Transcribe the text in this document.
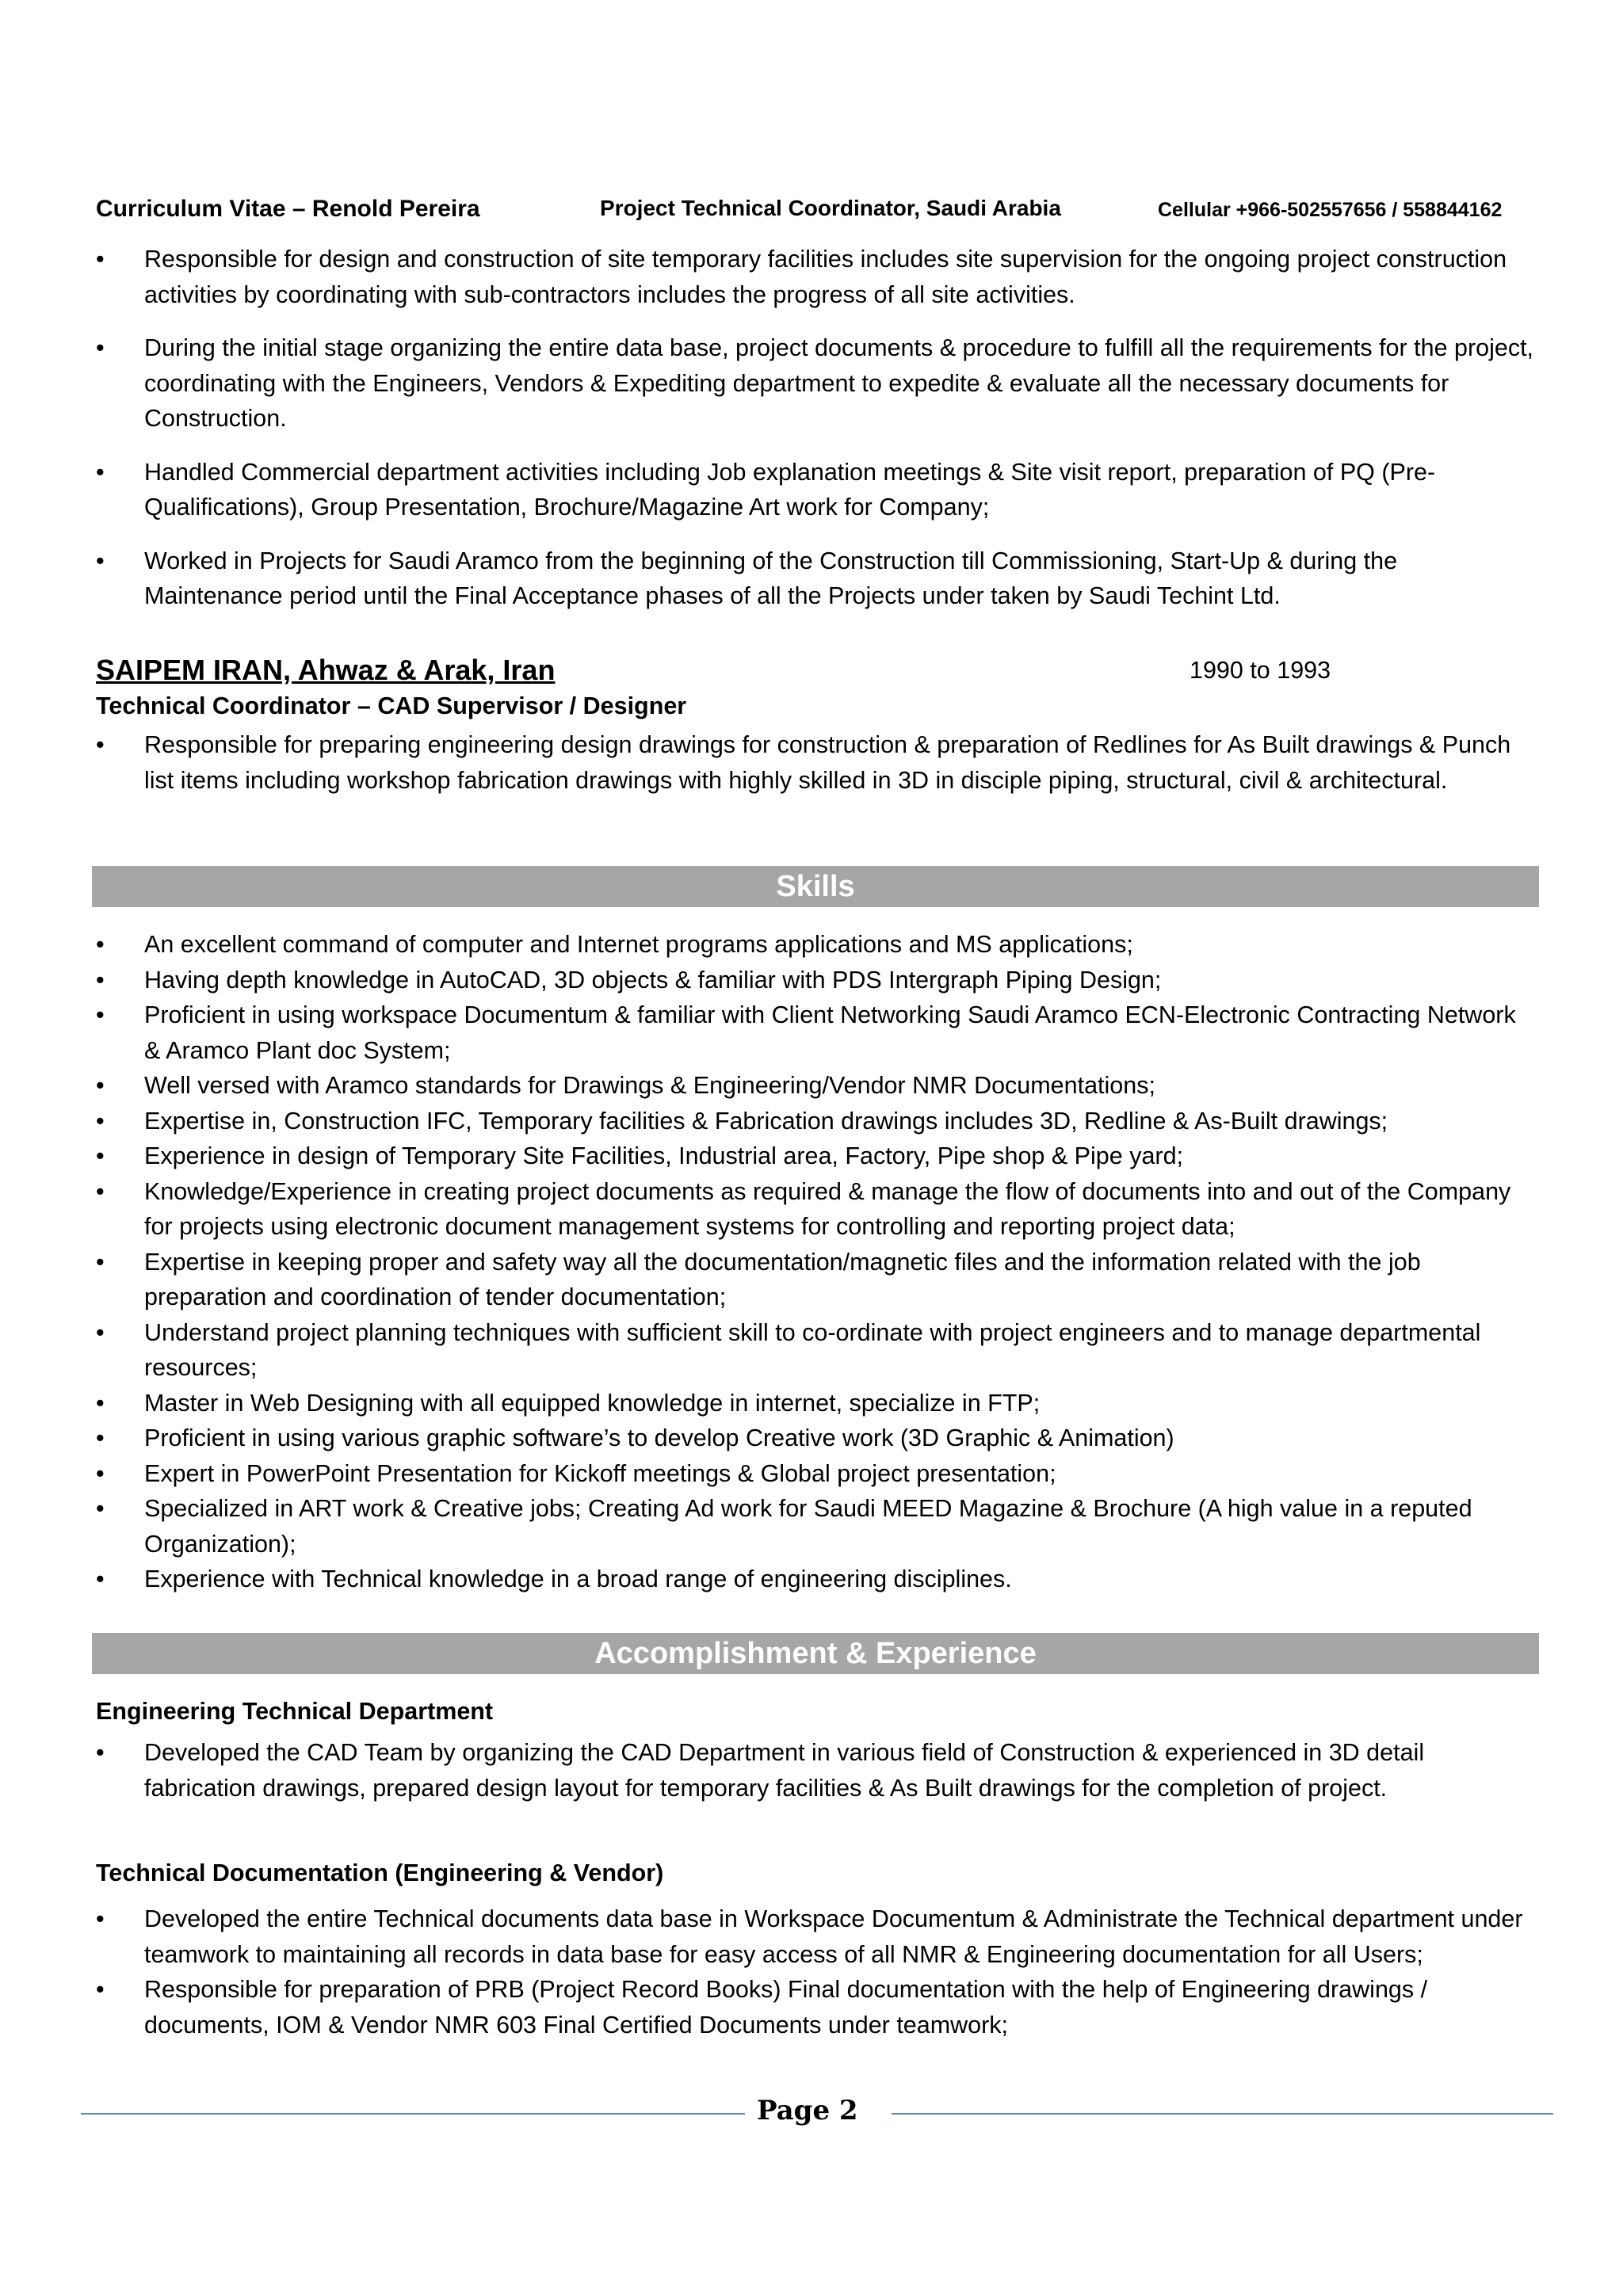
Curriculum Vitae – Renold Pereira	Project Technical Coordinator, Saudi Arabia	Cellular +966-502557656 / 558844162
• Responsible for design and construction of site temporary facilities includes site supervision for the ongoing project construction activities by coordinating with sub-contractors includes the progress of all site activities.
• During the initial stage organizing the entire data base, project documents & procedure to fulfill all the requirements for the project, coordinating with the Engineers, Vendors & Expediting department to expedite & evaluate all the necessary documents for Construction.
• Handled Commercial department activities including Job explanation meetings & Site visit report, preparation of PQ (Pre-Qualifications), Group Presentation, Brochure/Magazine Art work for Company;
• Worked in Projects for Saudi Aramco from the beginning of the Construction till Commissioning, Start-Up & during the Maintenance period until the Final Acceptance phases of all the Projects under taken by Saudi Techint Ltd.
SAIPEM IRAN, Ahwaz & Arak, Iran	1990 to 1993
Technical Coordinator – CAD Supervisor / Designer
• Responsible for preparing engineering design drawings for construction & preparation of Redlines for As Built drawings & Punch list items including workshop fabrication drawings with highly skilled in 3D in disciple piping, structural, civil & architectural.
Skills
• An excellent command of computer and Internet programs applications and MS applications;
• Having depth knowledge in AutoCAD, 3D objects & familiar with PDS Intergraph Piping Design;
• Proficient in using workspace Documentum & familiar with Client Networking Saudi Aramco ECN-Electronic Contracting Network & Aramco Plant doc System;
• Well versed with Aramco standards for Drawings & Engineering/Vendor NMR Documentations;
• Expertise in, Construction IFC, Temporary facilities & Fabrication drawings includes 3D, Redline & As-Built drawings;
• Experience in design of Temporary Site Facilities, Industrial area, Factory, Pipe shop & Pipe yard;
• Knowledge/Experience in creating project documents as required & manage the flow of documents into and out of the Company for projects using electronic document management systems for controlling and reporting project data;
• Expertise in keeping proper and safety way all the documentation/magnetic files and the information related with the job preparation and coordination of tender documentation;
• Understand project planning techniques with sufficient skill to co-ordinate with project engineers and to manage departmental resources;
• Master in Web Designing with all equipped knowledge in internet, specialize in FTP;
• Proficient in using various graphic software’s to develop Creative work (3D Graphic & Animation)
• Expert in PowerPoint Presentation for Kickoff meetings & Global project presentation;
• Specialized in ART work & Creative jobs; Creating Ad work for Saudi MEED Magazine & Brochure (A high value in a reputed Organization);
• Experience with Technical knowledge in a broad range of engineering disciplines.
Accomplishment & Experience
Engineering Technical Department
• Developed the CAD Team by organizing the CAD Department in various field of Construction & experienced in 3D detail fabrication drawings, prepared design layout for temporary facilities & As Built drawings for the completion of project.
Technical Documentation (Engineering & Vendor)
• Developed the entire Technical documents data base in Workspace Documentum & Administrate the Technical department under teamwork to maintaining all records in data base for easy access of all NMR & Engineering documentation for all Users;
• Responsible for preparation of PRB (Project Record Books) Final documentation with the help of Engineering drawings / documents, IOM & Vendor NMR 603 Final Certified Documents under teamwork;
Page 2
